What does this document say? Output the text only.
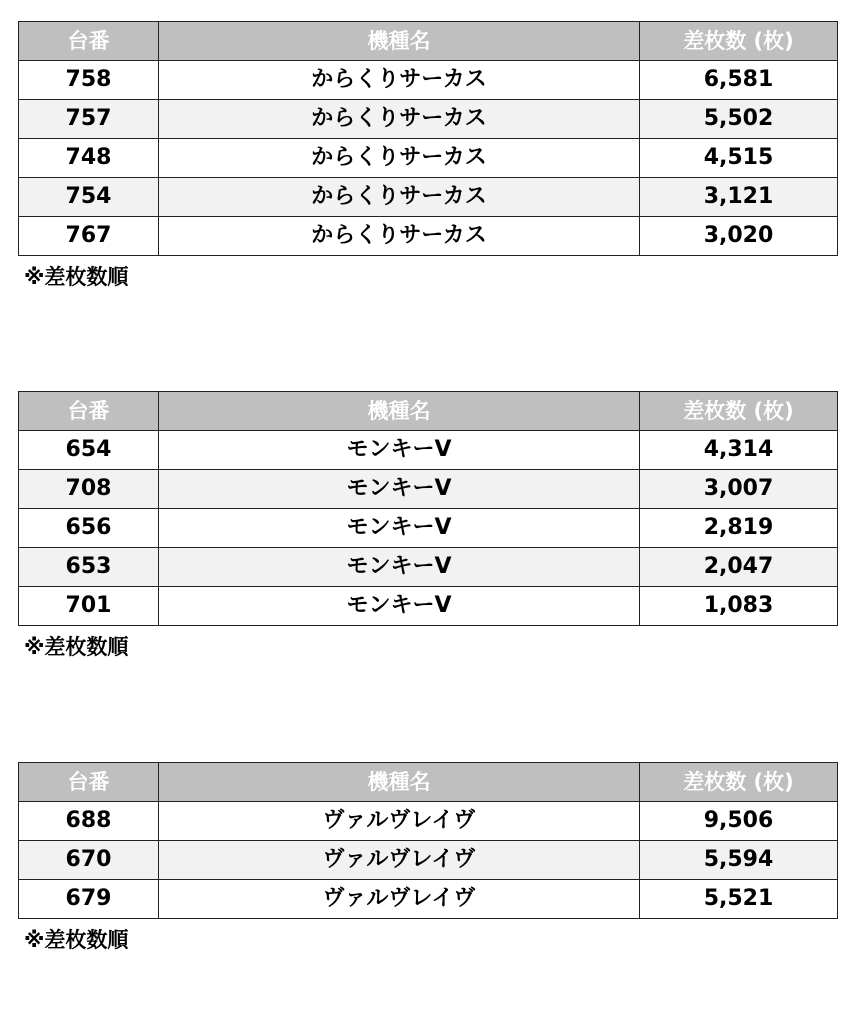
台番	機種名	差枚数 (枚)
758	からくりサーカス	6,581
757	からくりサーカス	5,502
748	からくりサーカス	4,515
754	からくりサーカス	3,121
767	からくりサーカス	3,020
※差枚数順
台番	機種名	差枚数 (枚)
654	モンキーV	4,314
708	モンキーV	3,007
656	モンキーV	2,819
653	モンキーV	2,047
701	モンキーV	1,083
※差枚数順
台番	機種名	差枚数 (枚)
688	ヴァルヴレイヴ	9,506
670	ヴァルヴレイヴ	5,594
679	ヴァルヴレイヴ	5,521
※差枚数順
